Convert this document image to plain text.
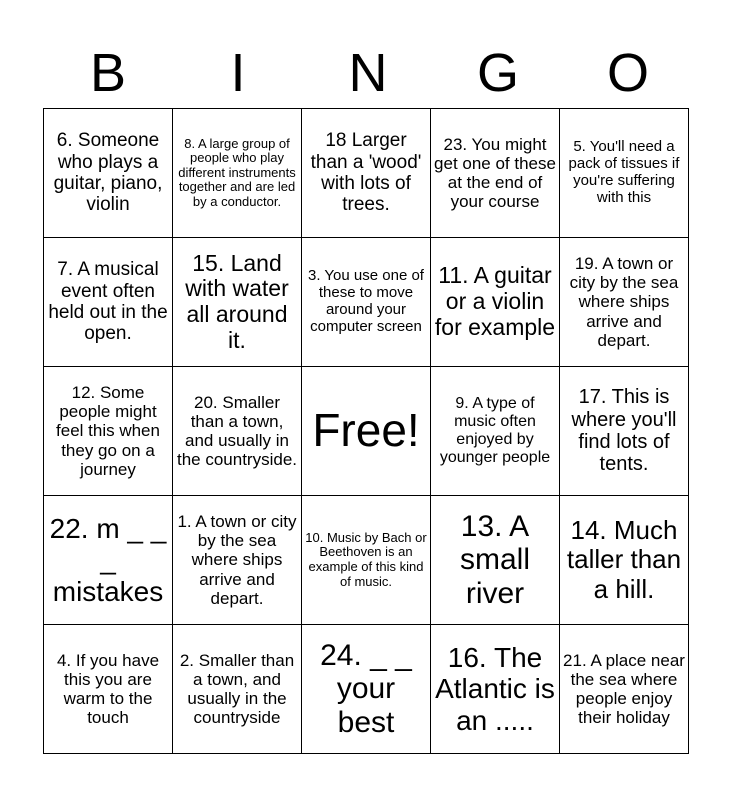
B	I	N	G	O
6. Someone who plays a guitar, piano, violin	8. A large group of people who play different instruments together and are led by a conductor.	18 Larger than a 'wood' with lots of trees.	23. You might get one of these at the end of your course	5. You'll need a pack of tissues if you're suffering with this
7. A musical event often held out in the open.	15. Land with water all around it.	3. You use one of these to move around your computer screen	11. A guitar or a violin for example	19. A town or city by the sea where ships arrive and depart.
12. Some people might feel this when they go on a journey	20. Smaller than a town, and usually in the countryside.	Free!	9. A type of music often enjoyed by younger people	17. This is where you'll find lots of tents.
22. m _ _ _ mistakes	1. A town or city by the sea where ships arrive and depart.	10. Music by Bach or Beethoven is an example of this kind of music.	13. A small river	14. Much taller than a hill.
4. If you have this you are warm to the touch	2. Smaller than a town, and usually in the countryside	24. _ _ your best	16. The Atlantic is an .....	21. A place near the sea where people enjoy their holiday
